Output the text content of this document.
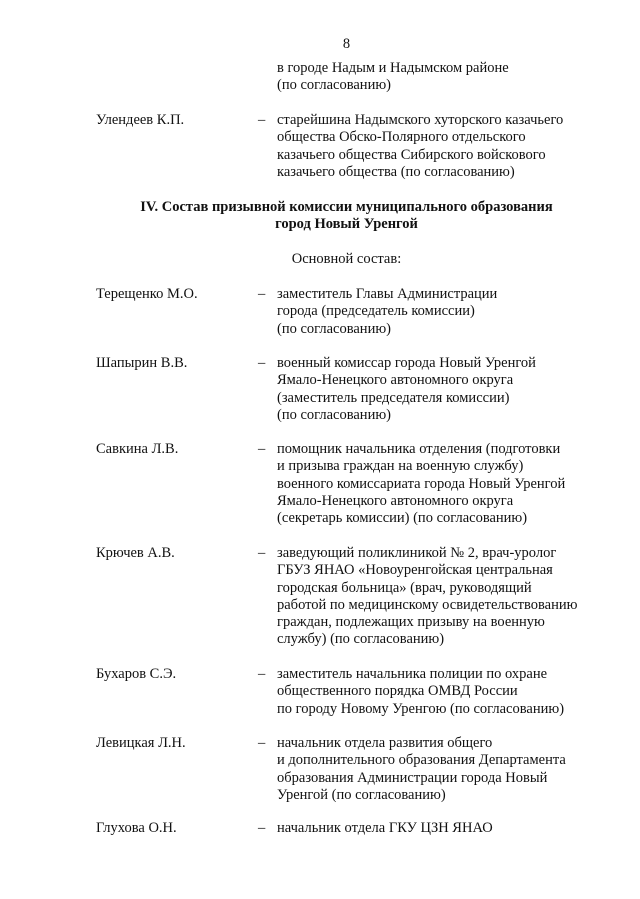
8
в городе Надым и Надымском районе
(по согласованию)
Улендеев К.П.	– старейшина Надымского хуторского казачьего
общества Обско-Полярного отдельского
казачьего общества Сибирского войскового
казачьего общества (по согласованию)
IV. Состав призывной комиссии муниципального образования
город Новый Уренгой
Основной состав:
Терещенко М.О.	– заместитель Главы Администрации
города (председатель комиссии)
(по согласованию)
Шапырин В.В.	– военный комиссар города Новый Уренгой
Ямало-Ненецкого автономного округа
(заместитель председателя комиссии)
(по согласованию)
Савкина Л.В.	– помощник начальника отделения (подготовки
и призыва граждан на военную службу)
военного комиссариата города Новый Уренгой
Ямало-Ненецкого автономного округа
(секретарь комиссии) (по согласованию)
Крючев А.В.	– заведующий поликлиникой № 2, врач-уролог
ГБУЗ ЯНАО «Новоуренгойская центральная
городская больница» (врач, руководящий
работой по медицинскому освидетельствованию
граждан, подлежащих призыву на военную
службу) (по согласованию)
Бухаров С.Э.	– заместитель начальника полиции по охране
общественного порядка ОМВД России
по городу Новому Уренгою (по согласованию)
Левицкая Л.Н.	– начальник отдела развития общего
и дополнительного образования Департамента
образования Администрации города Новый
Уренгой (по согласованию)
Глухова О.Н.	– начальник отдела ГКУ ЦЗН ЯНАО
